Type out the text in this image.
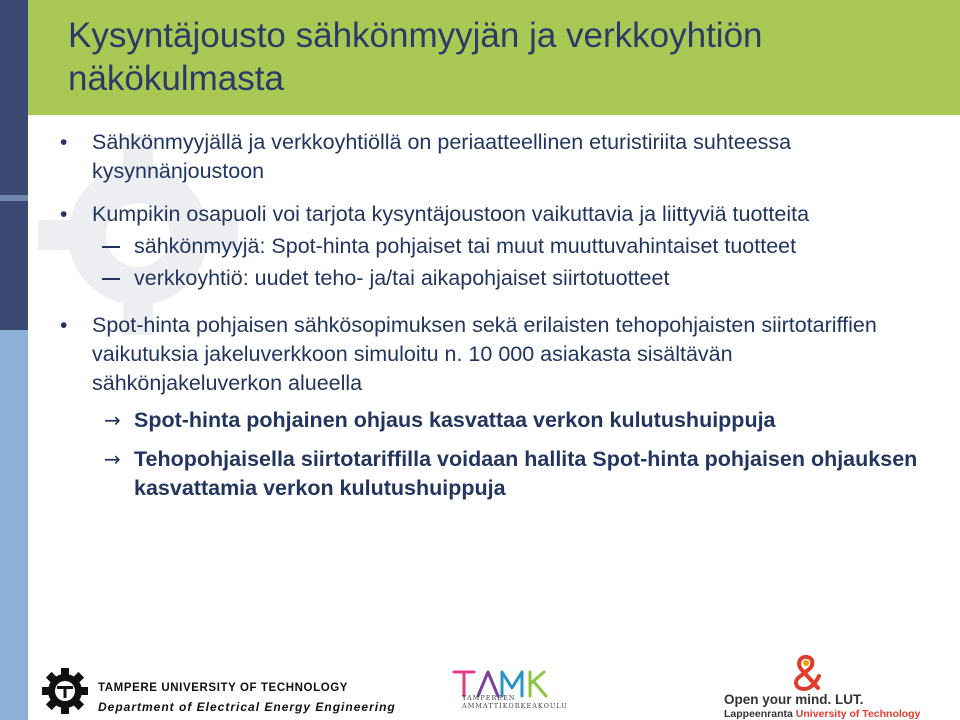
Kysyntäjousto sähkönmyyjän ja verkkoyhtiön näkökulmasta
•	Sähkönmyyjällä ja verkkoyhtiöllä on periaatteellinen eturistiriita suhteessa kysynnänjoustoon
•	Kumpikin osapuoli voi tarjota kysyntäjoustoon vaikuttavia ja liittyviä tuotteita
sähkönmyyjä: Spot-hinta pohjaiset tai muut muuttuvahintaiset tuotteet
verkkoyhtiö: uudet teho- ja/tai aikapohjaiset siirtotuotteet
•	Spot-hinta pohjaisen sähkösopimuksen sekä erilaisten tehopohjaisten siirtotariffien vaikutuksia jakeluverkkoon simuloitu n. 10 000 asiakasta sisältävän sähkönjakeluverkon alueella
→ Spot-hinta pohjainen ohjaus kasvattaa verkon kulutushuippuja
→ Tehopohjaisella siirtotariffilla voidaan hallita Spot-hinta pohjaisen ohjauksen kasvattamia verkon kulutushuippuja
TAMPERE UNIVERSITY OF TECHNOLOGY
Department of Electrical Energy Engineering
TAMPEREEN
AMMATTIKORKEAKOULU	Open your mind. LUT.
Lappeenranta University of Technology
